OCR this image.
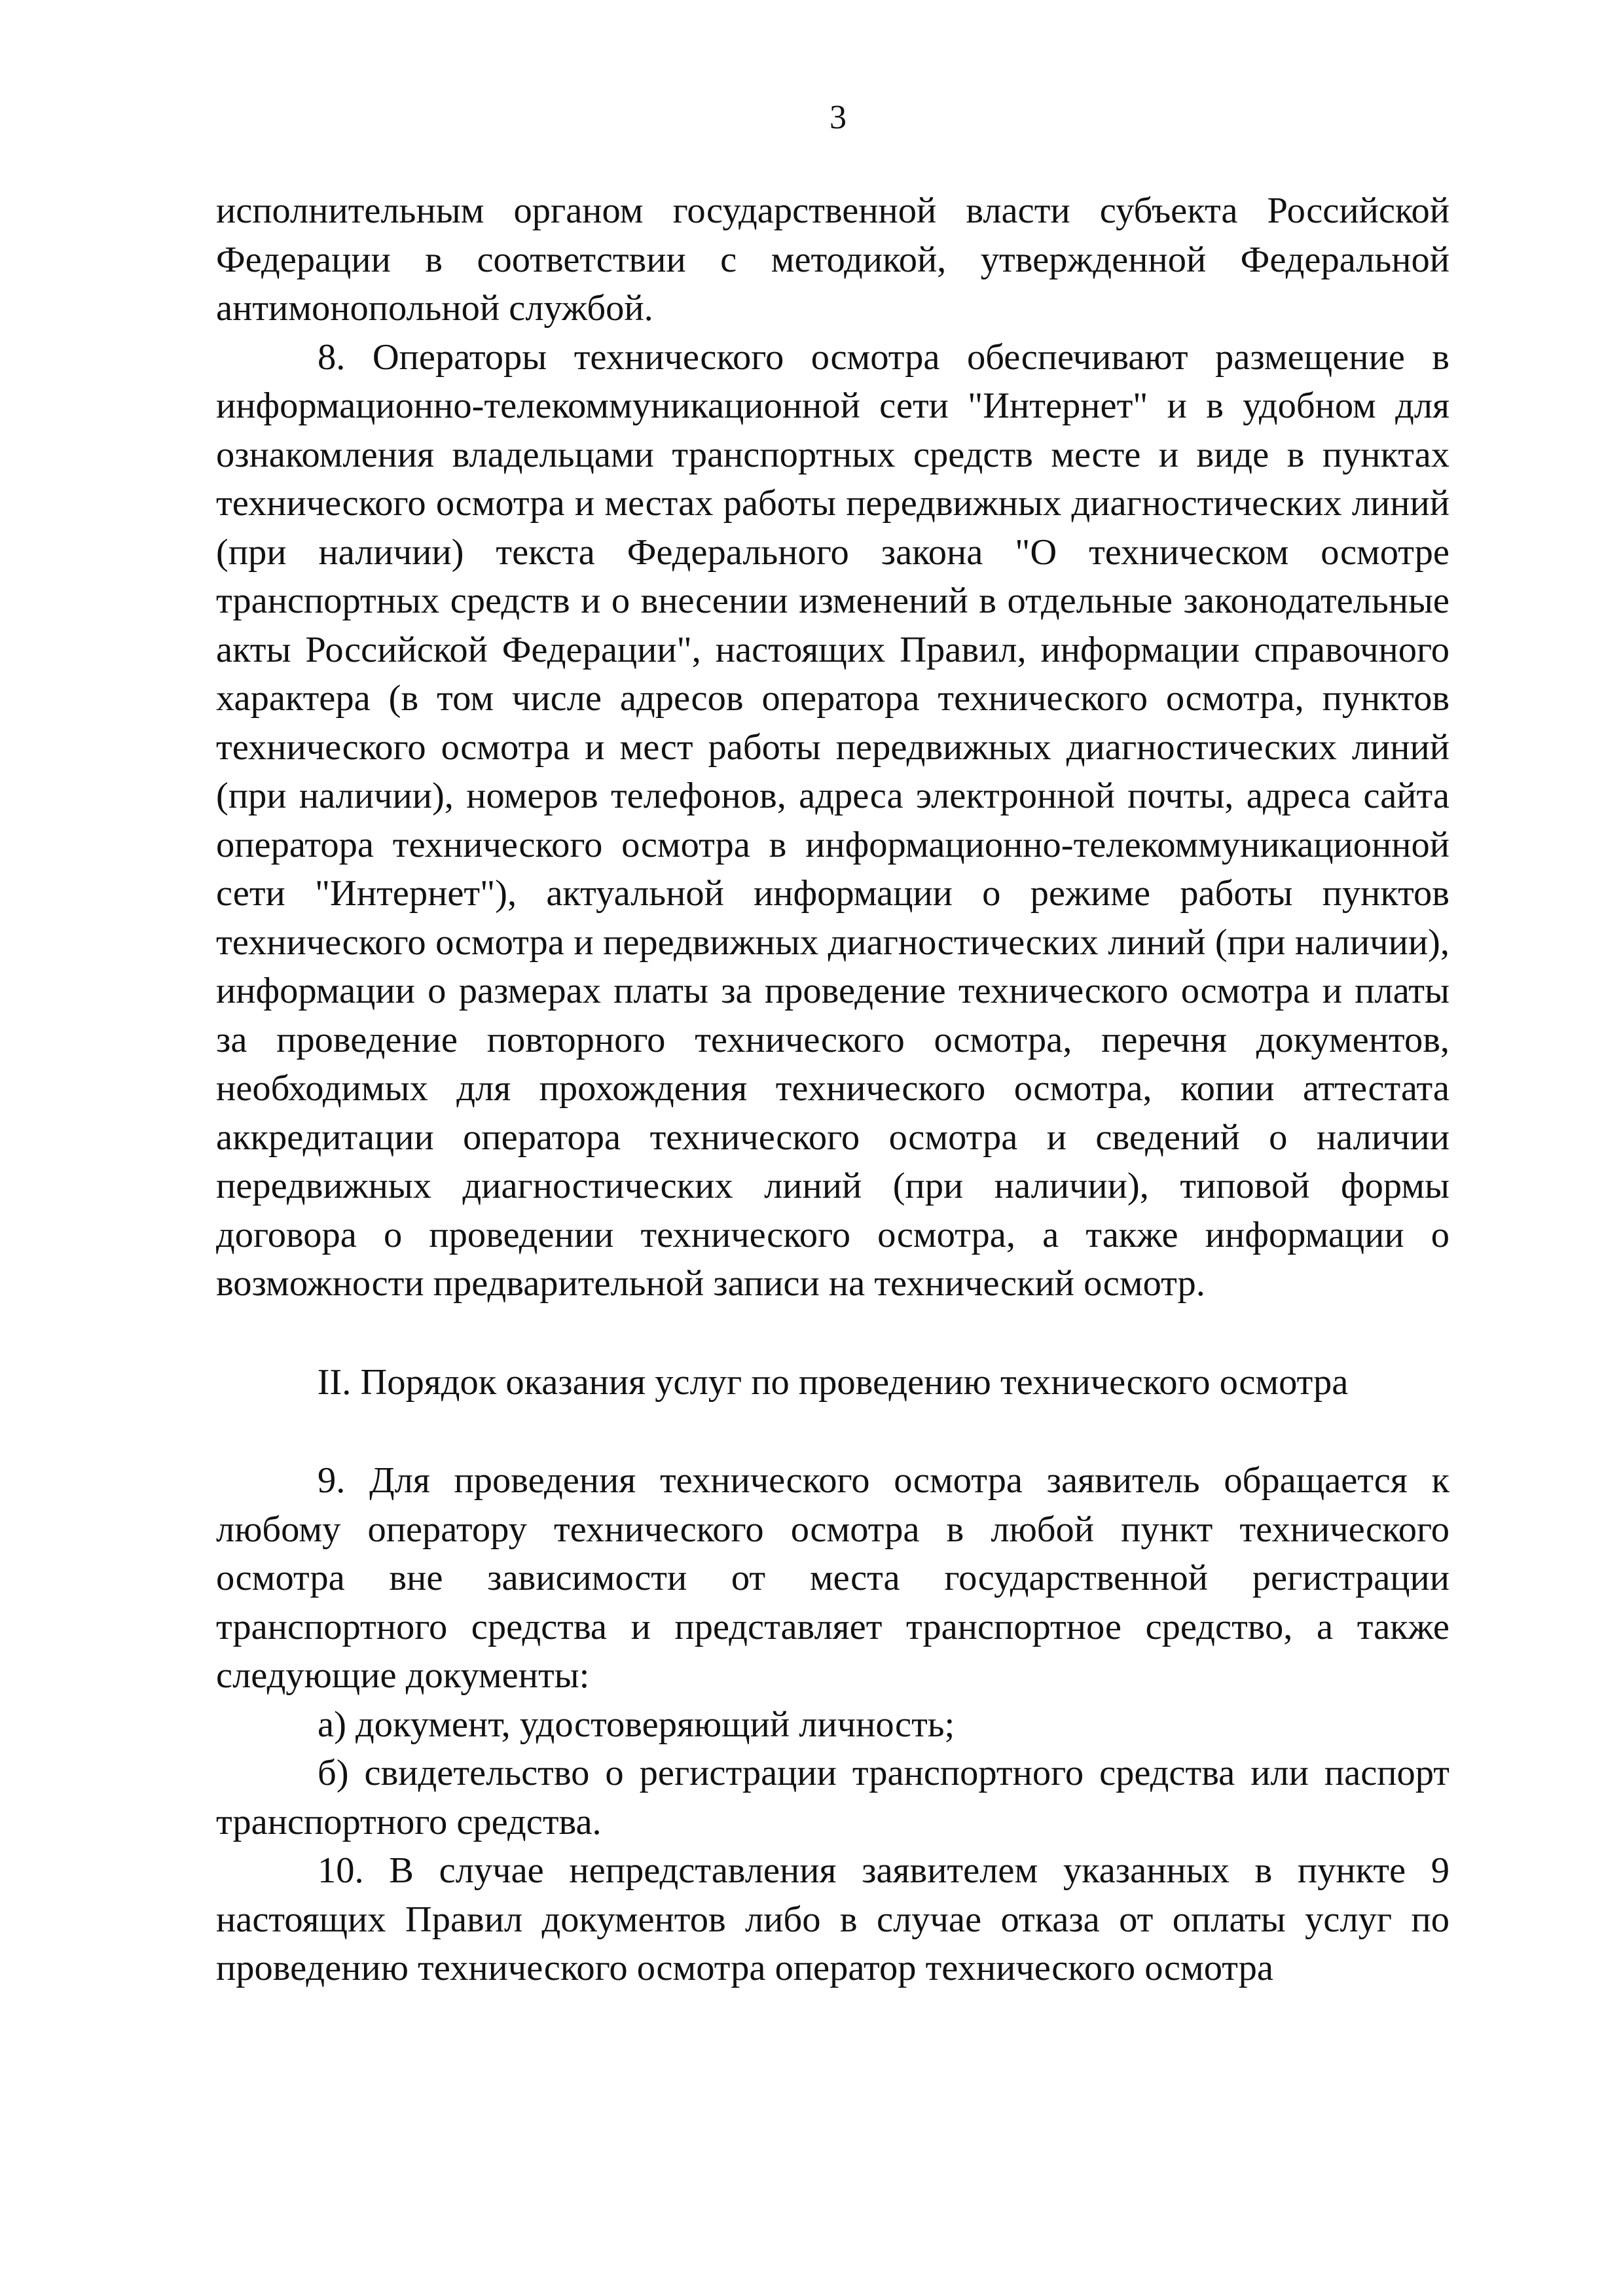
3

исполнительным органом государственной власти субъекта Российской Федерации в соответствии с методикой, утвержденной Федеральной антимонопольной службой.

8. Операторы технического осмотра обеспечивают размещение в информационно-телекоммуникационной сети "Интернет" и в удобном для ознакомления владельцами транспортных средств месте и виде в пунктах технического осмотра и местах работы передвижных диагностических линий (при наличии) текста Федерального закона "О техническом осмотре транспортных средств и о внесении изменений в отдельные законодательные акты Российской Федерации", настоящих Правил, информации справочного характера (в том числе адресов оператора технического осмотра, пунктов технического осмотра и мест работы передвижных диагностических линий (при наличии), номеров телефонов, адреса электронной почты, адреса сайта оператора технического осмотра в информационно-телекоммуникационной сети "Интернет"), актуальной информации о режиме работы пунктов технического осмотра и передвижных диагностических линий (при наличии), информации о размерах платы за проведение технического осмотра и платы за проведение повторного технического осмотра, перечня документов, необходимых для прохождения технического осмотра, копии аттестата аккредитации оператора технического осмотра и сведений о наличии передвижных диагностических линий (при наличии), типовой формы договора о проведении технического осмотра, а также информации о возможности предварительной записи на технический осмотр.

II. Порядок оказания услуг по проведению технического осмотра

9. Для проведения технического осмотра заявитель обращается к любому оператору технического осмотра в любой пункт технического осмотра вне зависимости от места государственной регистрации транспортного средства и представляет транспортное средство, а также следующие документы:

а) документ, удостоверяющий личность;

б) свидетельство о регистрации транспортного средства или паспорт транспортного средства.

10. В случае непредставления заявителем указанных в пункте 9 настоящих Правил документов либо в случае отказа от оплаты услуг по проведению технического осмотра оператор технического осмотра
